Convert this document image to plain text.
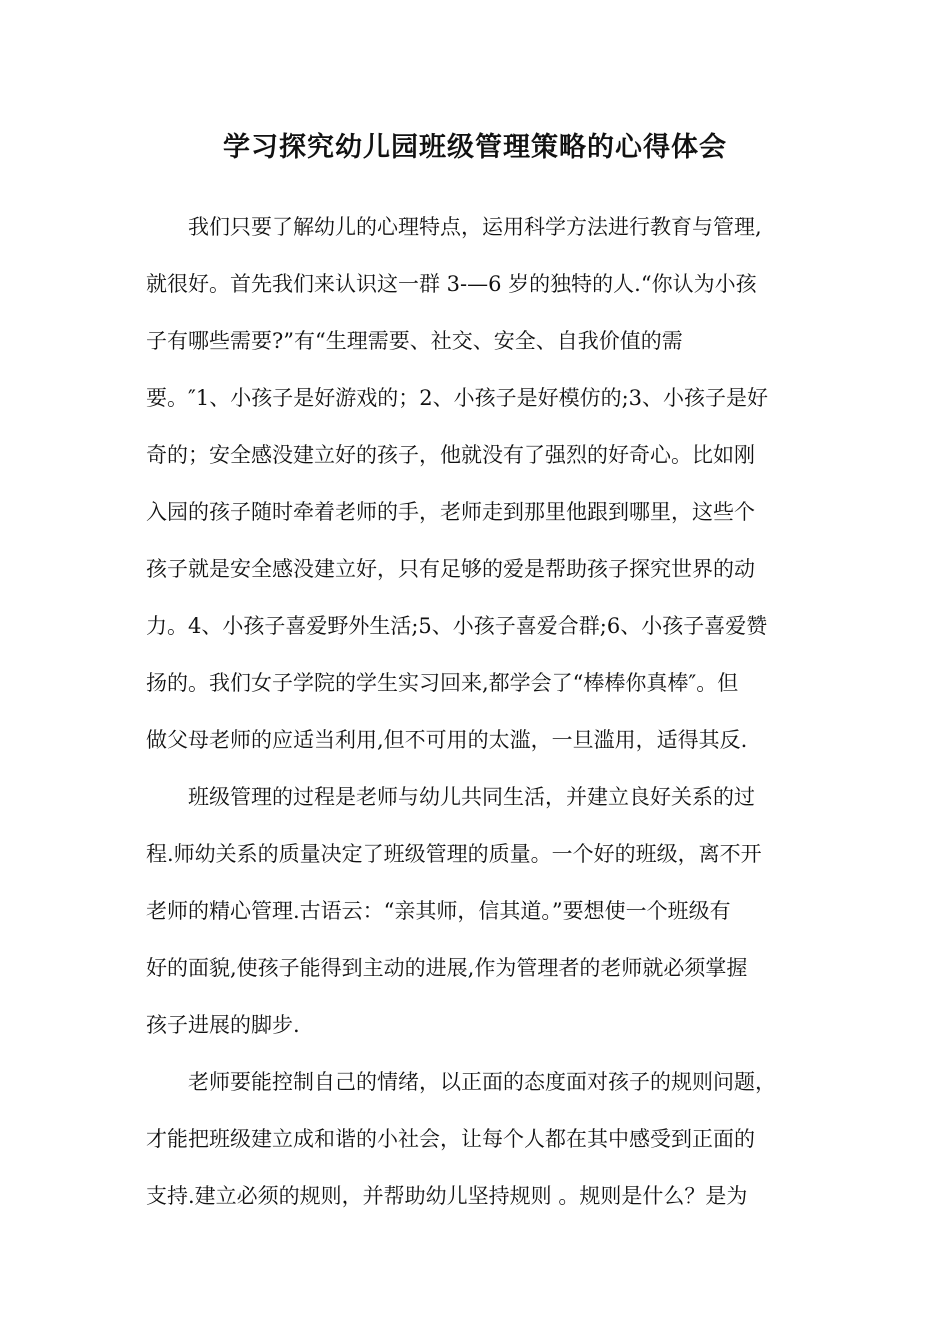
学习探究幼儿园班级管理策略的心得体会

我们只要了解幼儿的心理特点，运用科学方法进行教育与管理,

就很好。首先我们来认识这一群 3-—6 岁的独特的人.“你认为小孩

子有哪些需要?”有“生理需要、社交、安全、自我价值的需

要。″1、小孩子是好游戏的；2、小孩子是好模仿的;3、小孩子是好

奇的；安全感没建立好的孩子，他就没有了强烈的好奇心。比如刚

入园的孩子随时牵着老师的手，老师走到那里他跟到哪里，这些个

孩子就是安全感没建立好，只有足够的爱是帮助孩子探究世界的动

力。4、小孩子喜爱野外生活;5、小孩子喜爱合群;6、小孩子喜爱赞

扬的。我们女子学院的学生实习回来,都学会了“棒棒你真棒″。但

做父母老师的应适当利用,但不可用的太滥，一旦滥用，适得其反.

班级管理的过程是老师与幼儿共同生活，并建立良好关系的过

程.师幼关系的质量决定了班级管理的质量。一个好的班级，离不开

老师的精心管理.古语云：“亲其师，信其道。”要想使一个班级有

好的面貌,使孩子能得到主动的进展,作为管理者的老师就必须掌握

孩子进展的脚步.

老师要能控制自己的情绪，以正面的态度面对孩子的规则问题，

才能把班级建立成和谐的小社会，让每个人都在其中感受到正面的

支持.建立必须的规则，并帮助幼儿坚持规则 。规则是什么？是为
